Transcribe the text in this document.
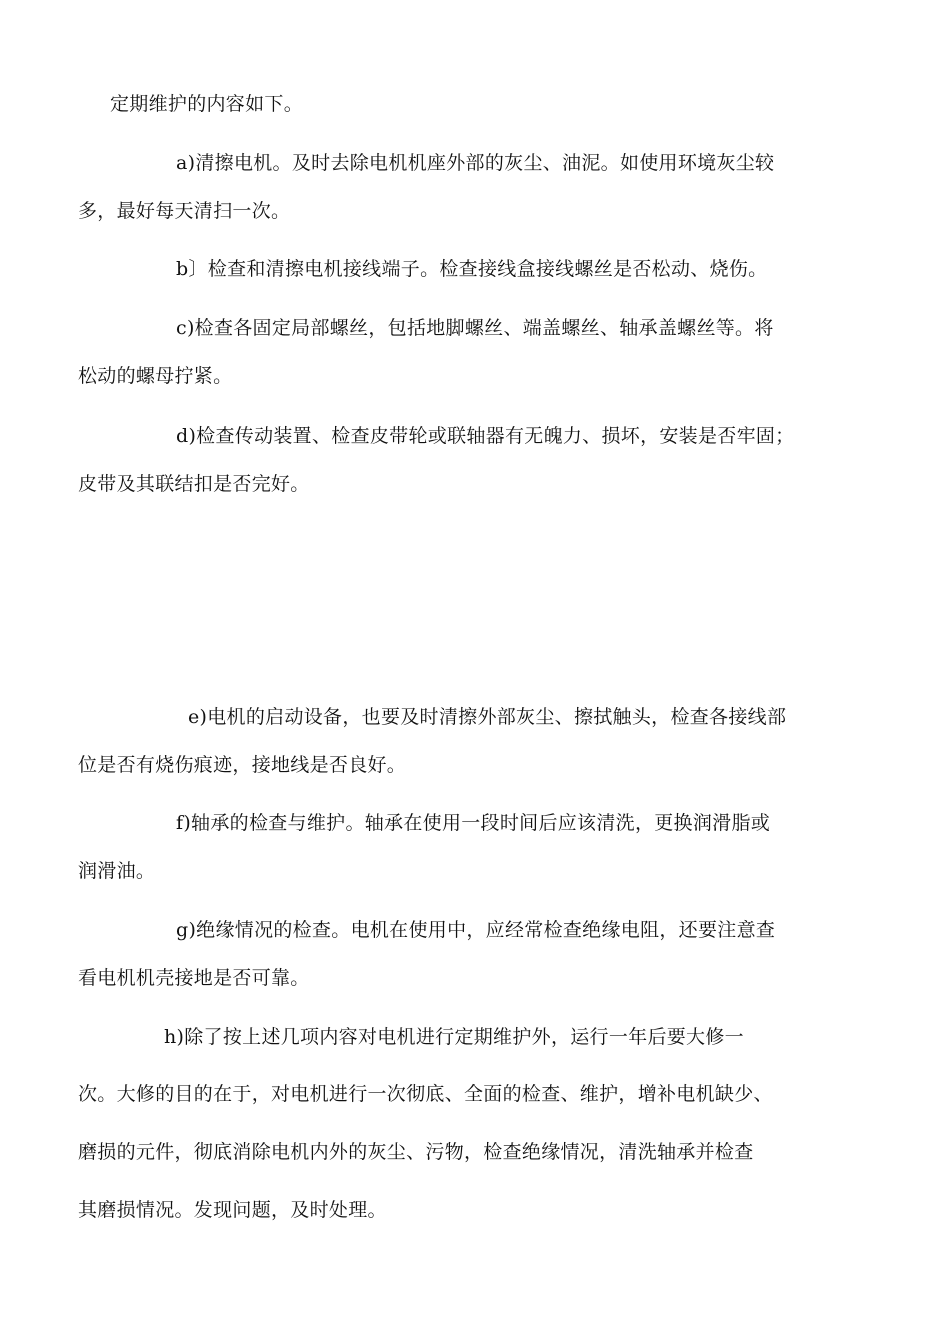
定期维护的内容如下。
a)清擦电机。及时去除电机机座外部的灰尘、油泥。如使用环境灰尘较
多，最好每天清扫一次。
b〕检查和清擦电机接线端子。检查接线盒接线螺丝是否松动、烧伤。
c)检查各固定局部螺丝，包括地脚螺丝、端盖螺丝、轴承盖螺丝等。将
松动的螺母拧紧。
d)检查传动装置、检查皮带轮或联轴器有无魄力、损坏，安装是否牢固；
皮带及其联结扣是否完好。
e)电机的启动设备，也要及时清擦外部灰尘、擦拭触头，检查各接线部
位是否有烧伤痕迹，接地线是否良好。
f)轴承的检查与维护。轴承在使用一段时间后应该清洗，更换润滑脂或
润滑油。
g)绝缘情况的检查。电机在使用中，应经常检查绝缘电阻，还要注意查
看电机机壳接地是否可靠。
h)除了按上述几项内容对电机进行定期维护外，运行一年后要大修一
次。大修的目的在于，对电机进行一次彻底、全面的检查、维护，增补电机缺少、
磨损的元件，彻底消除电机内外的灰尘、污物，检查绝缘情况，清洗轴承并检查
其磨损情况。发现问题，及时处理。
